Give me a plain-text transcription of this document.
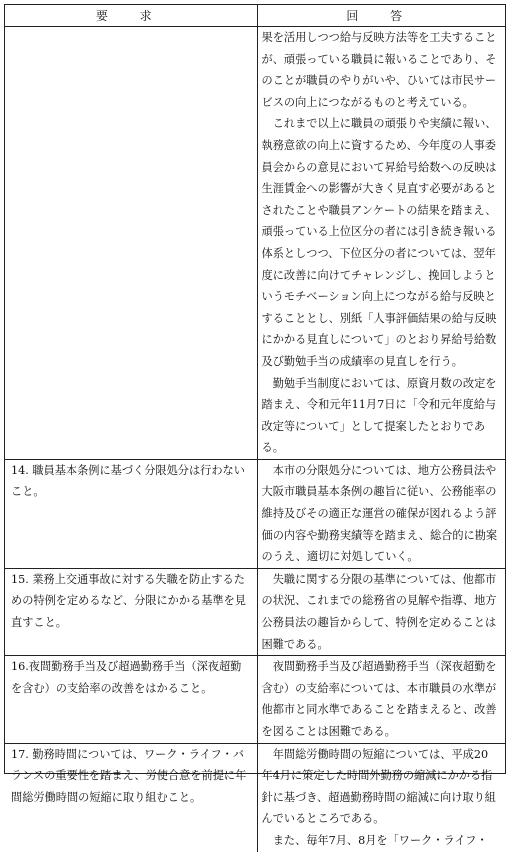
要 求	回 答

	果を活用しつつ給与反映方法等を工夫することが、頑張っている職員に報いることであり、そのことが職員のやりがいや、ひいては市民サービスの向上につながるものと考えている。

これまで以上に職員の頑張りや実績に報い、執務意欲の向上に資するため、今年度の人事委員会からの意見において昇給号給数への反映は生涯賃金への影響が大きく見直す必要があるとされたことや職員アンケートの結果を踏まえ、頑張っている上位区分の者には引き続き報いる体系としつつ、下位区分の者については、翌年度に改善に向けてチャレンジし、挽回しようというモチベーション向上につながる給与反映とすることとし、別紙「人事評価結果の給与反映にかかる見直しについて」のとおり昇給号給数及び勤勉手当の成績率の見直しを行う。

勤勉手当制度においては、原資月数の改定を踏まえ、令和元年11月7日に「令和元年度給与改定等について」として提案したとおりである。

14. 職員基本条例に基づく分限処分は行わないこと。	本市の分限処分については、地方公務員法や大阪市職員基本条例の趣旨に従い、公務能率の維持及びその適正な運営の確保が図れるよう評価の内容や勤務実績等を踏まえ、総合的に勘案のうえ、適切に対処していく。

15. 業務上交通事故に対する失職を防止するための特例を定めるなど、分限にかかる基準を見直すこと。	失職に関する分限の基準については、他都市の状況、これまでの総務省の見解や指導、地方公務員法の趣旨からして、特例を定めることは困難である。

16.夜間勤務手当及び超過勤務手当（深夜超勤を含む）の支給率の改善をはかること。	夜間勤務手当及び超過勤務手当（深夜超勤を含む）の支給率については、本市職員の水準が他都市と同水準であることを踏まえると、改善を図ることは困難である。

17. 勤務時間については、ワーク・ライフ・バランスの重要性を踏まえ、労使合意を前提に年間総労働時間の短縮に取り組むこと。	年間総労働時間の短縮については、平成20年4月に策定した時間外勤務の縮減にかかる指針に基づき、超過勤務時間の縮減に向け取り組んでいるところである。

また、毎年7月、8月を「ワーク・ライフ・
